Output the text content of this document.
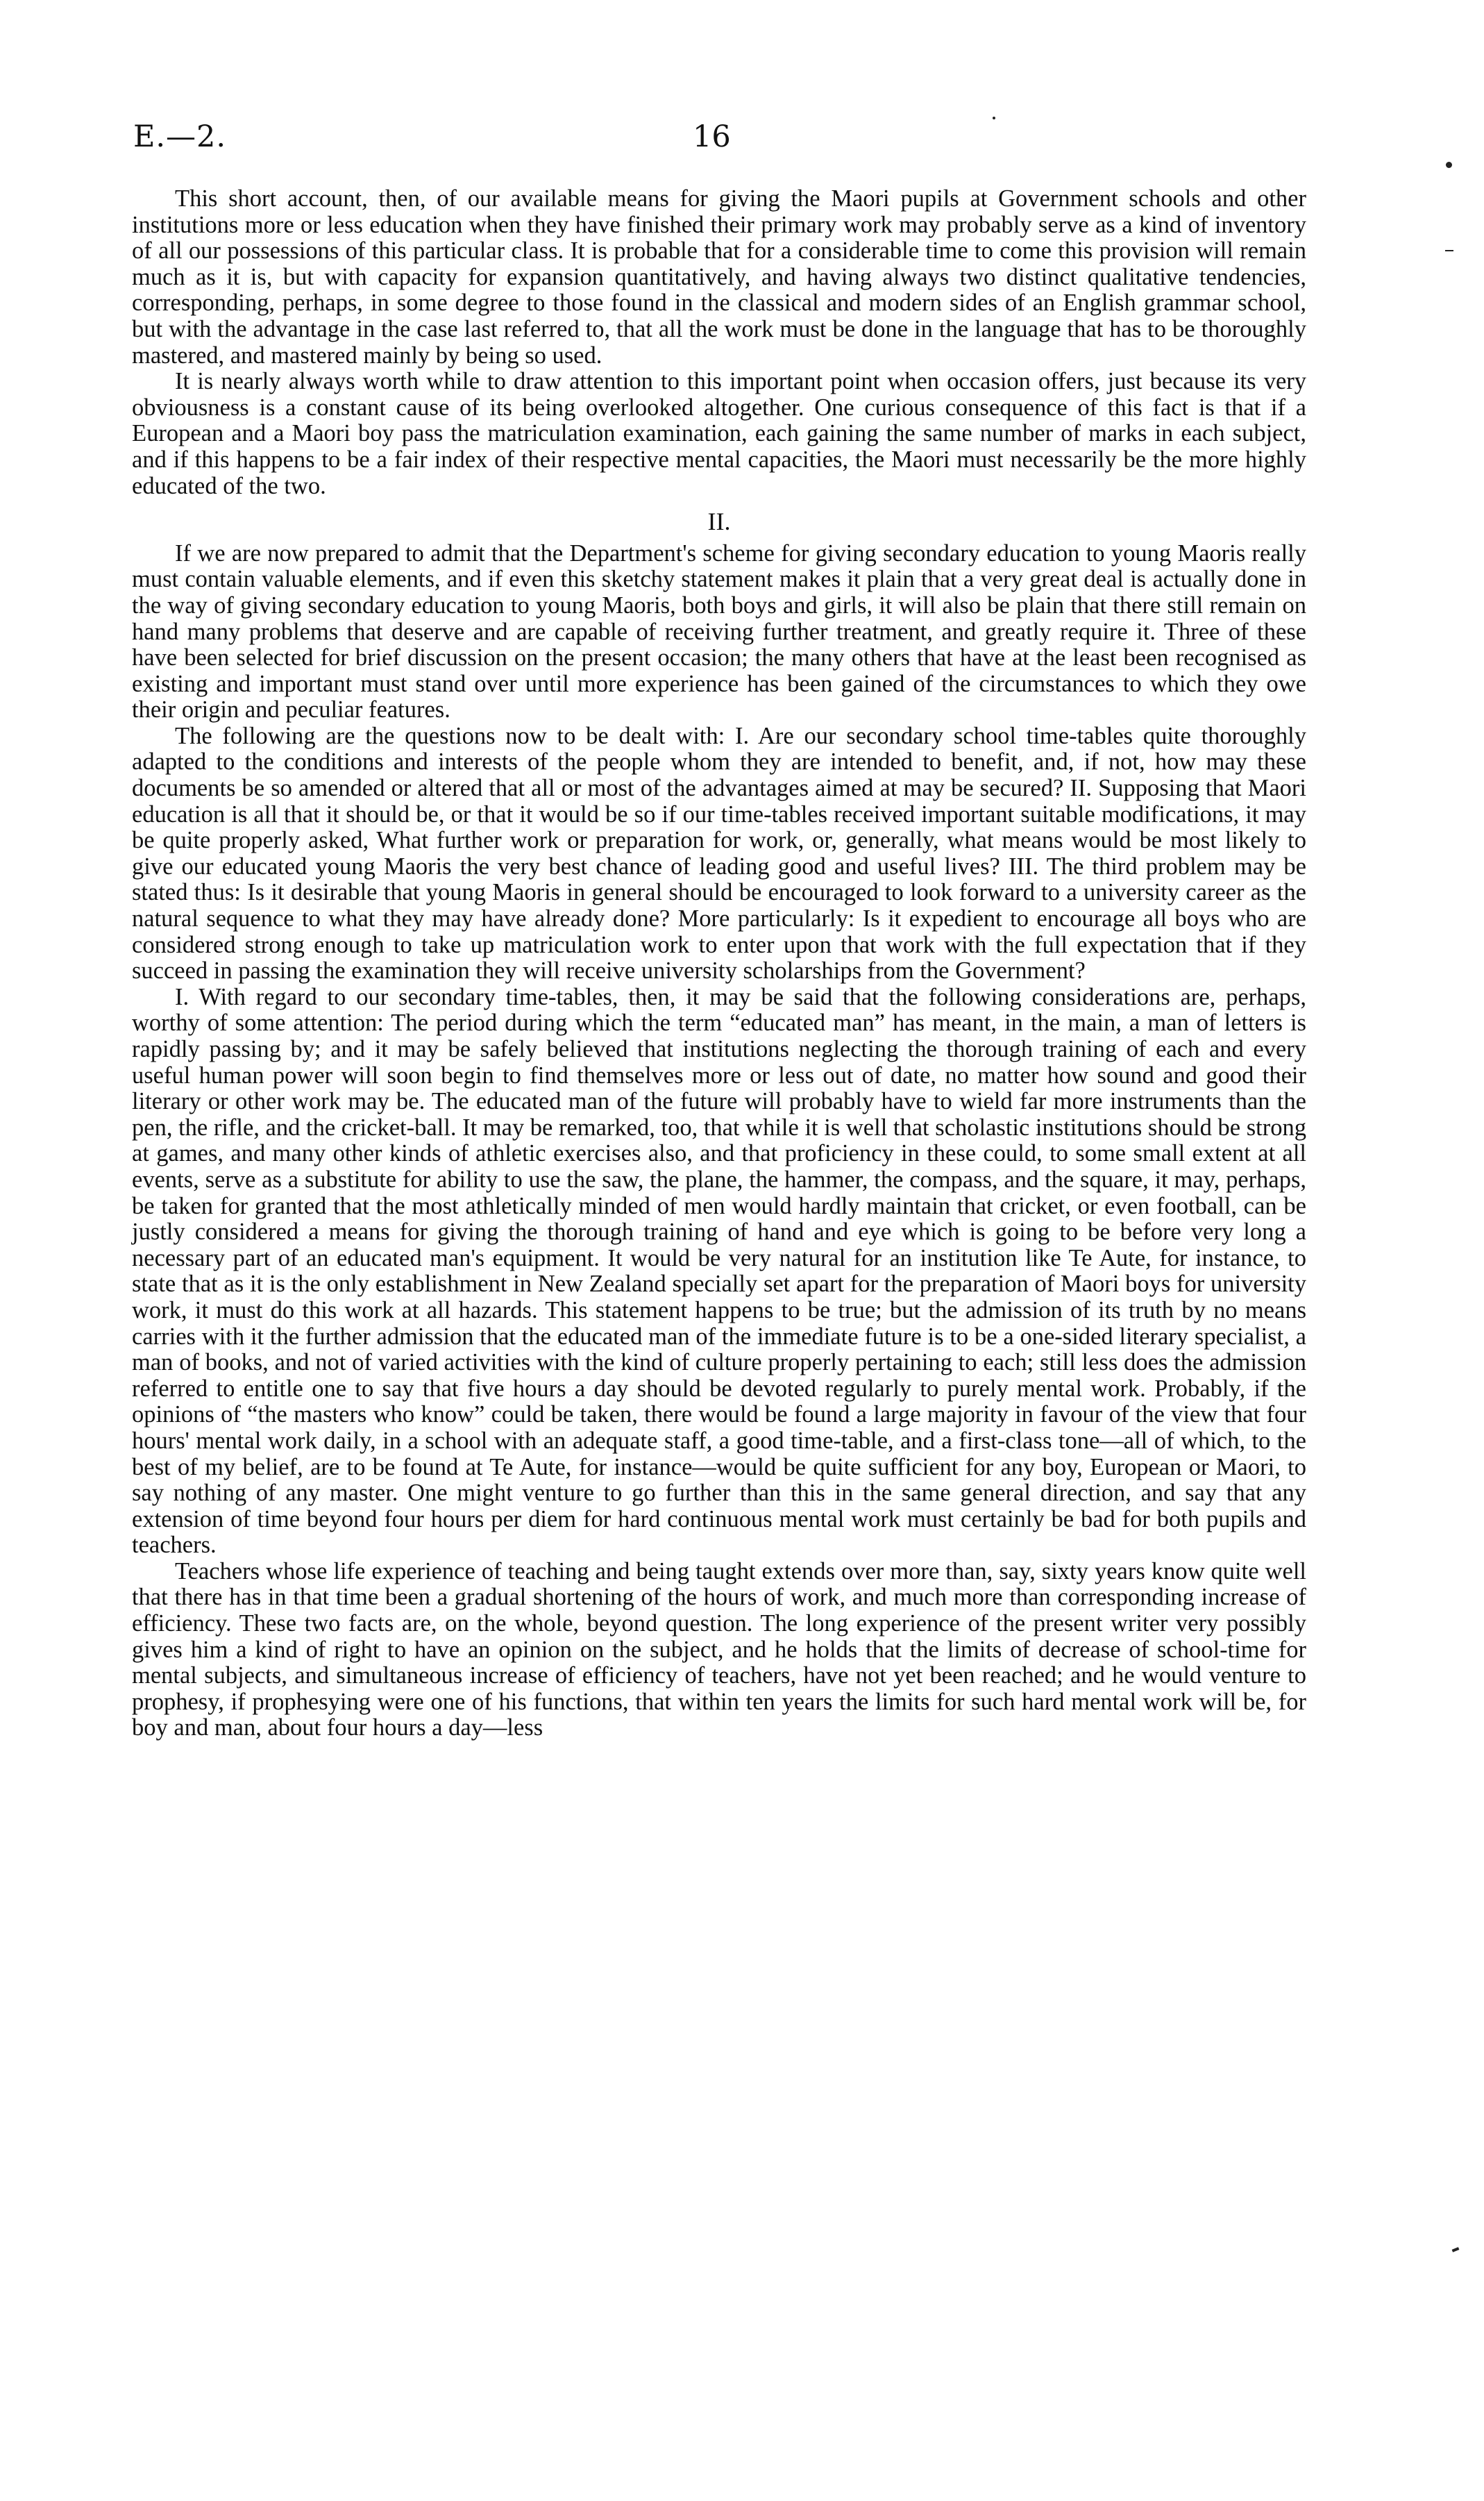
E.—2.	16

This short account, then, of our available means for giving the Maori pupils at Government schools and other institutions more or less education when they have finished their primary work may probably serve as a kind of inventory of all our possessions of this particular class. It is probable that for a considerable time to come this provision will remain much as it is, but with capacity for expansion quantitatively, and having always two distinct qualitative tendencies, corresponding, perhaps, in some degree to those found in the classical and modern sides of an English grammar school, but with the advantage in the case last referred to, that all the work must be done in the language that has to be thoroughly mastered, and mastered mainly by being so used.

It is nearly always worth while to draw attention to this important point when occasion offers, just because its very obviousness is a constant cause of its being overlooked altogether. One curious consequence of this fact is that if a European and a Maori boy pass the matriculation examination, each gaining the same number of marks in each subject, and if this happens to be a fair index of their respective mental capacities, the Maori must necessarily be the more highly educated of the two.

II.

If we are now prepared to admit that the Department's scheme for giving secondary education to young Maoris really must contain valuable elements, and if even this sketchy statement makes it plain that a very great deal is actually done in the way of giving secondary education to young Maoris, both boys and girls, it will also be plain that there still remain on hand many problems that deserve and are capable of receiving further treatment, and greatly require it. Three of these have been selected for brief discussion on the present occasion; the many others that have at the least been recognised as existing and important must stand over until more experience has been gained of the circumstances to which they owe their origin and peculiar features.

The following are the questions now to be dealt with: I. Are our secondary school time-tables quite thoroughly adapted to the conditions and interests of the people whom they are intended to benefit, and, if not, how may these documents be so amended or altered that all or most of the advantages aimed at may be secured? II. Supposing that Maori education is all that it should be, or that it would be so if our time-tables received important suitable modifications, it may be quite properly asked, What further work or preparation for work, or, generally, what means would be most likely to give our educated young Maoris the very best chance of leading good and useful lives? III. The third problem may be stated thus: Is it desirable that young Maoris in general should be encouraged to look forward to a university career as the natural sequence to what they may have already done? More particularly: Is it expedient to encourage all boys who are considered strong enough to take up matriculation work to enter upon that work with the full expectation that if they succeed in passing the examination they will receive university scholarships from the Government?

I. With regard to our secondary time-tables, then, it may be said that the following considerations are, perhaps, worthy of some attention: The period during which the term “educated man” has meant, in the main, a man of letters is rapidly passing by; and it may be safely believed that institutions neglecting the thorough training of each and every useful human power will soon begin to find themselves more or less out of date, no matter how sound and good their literary or other work may be. The educated man of the future will probably have to wield far more instruments than the pen, the rifle, and the cricket-ball. It may be remarked, too, that while it is well that scholastic institutions should be strong at games, and many other kinds of athletic exercises also, and that proficiency in these could, to some small extent at all events, serve as a substitute for ability to use the saw, the plane, the hammer, the compass, and the square, it may, perhaps, be taken for granted that the most athletically minded of men would hardly maintain that cricket, or even football, can be justly considered a means for giving the thorough training of hand and eye which is going to be before very long a necessary part of an educated man's equipment. It would be very natural for an institution like Te Aute, for instance, to state that as it is the only establishment in New Zealand specially set apart for the preparation of Maori boys for university work, it must do this work at all hazards. This statement happens to be true; but the admission of its truth by no means carries with it the further admission that the educated man of the immediate future is to be a one-sided literary specialist, a man of books, and not of varied activities with the kind of culture properly pertaining to each; still less does the admission referred to entitle one to say that five hours a day should be devoted regularly to purely mental work. Probably, if the opinions of “the masters who know” could be taken, there would be found a large majority in favour of the view that four hours' mental work daily, in a school with an adequate staff, a good time-table, and a first-class tone—all of which, to the best of my belief, are to be found at Te Aute, for instance—would be quite sufficient for any boy, European or Maori, to say nothing of any master. One might venture to go further than this in the same general direction, and say that any extension of time beyond four hours per diem for hard continuous mental work must certainly be bad for both pupils and teachers.

Teachers whose life experience of teaching and being taught extends over more than, say, sixty years know quite well that there has in that time been a gradual shortening of the hours of work, and much more than corresponding increase of efficiency. These two facts are, on the whole, beyond question. The long experience of the present writer very possibly gives him a kind of right to have an opinion on the subject, and he holds that the limits of decrease of school-time for mental subjects, and simultaneous increase of efficiency of teachers, have not yet been reached; and he would venture to prophesy, if prophesying were one of his functions, that within ten years the limits for such hard mental work will be, for boy and man, about four hours a day—less
